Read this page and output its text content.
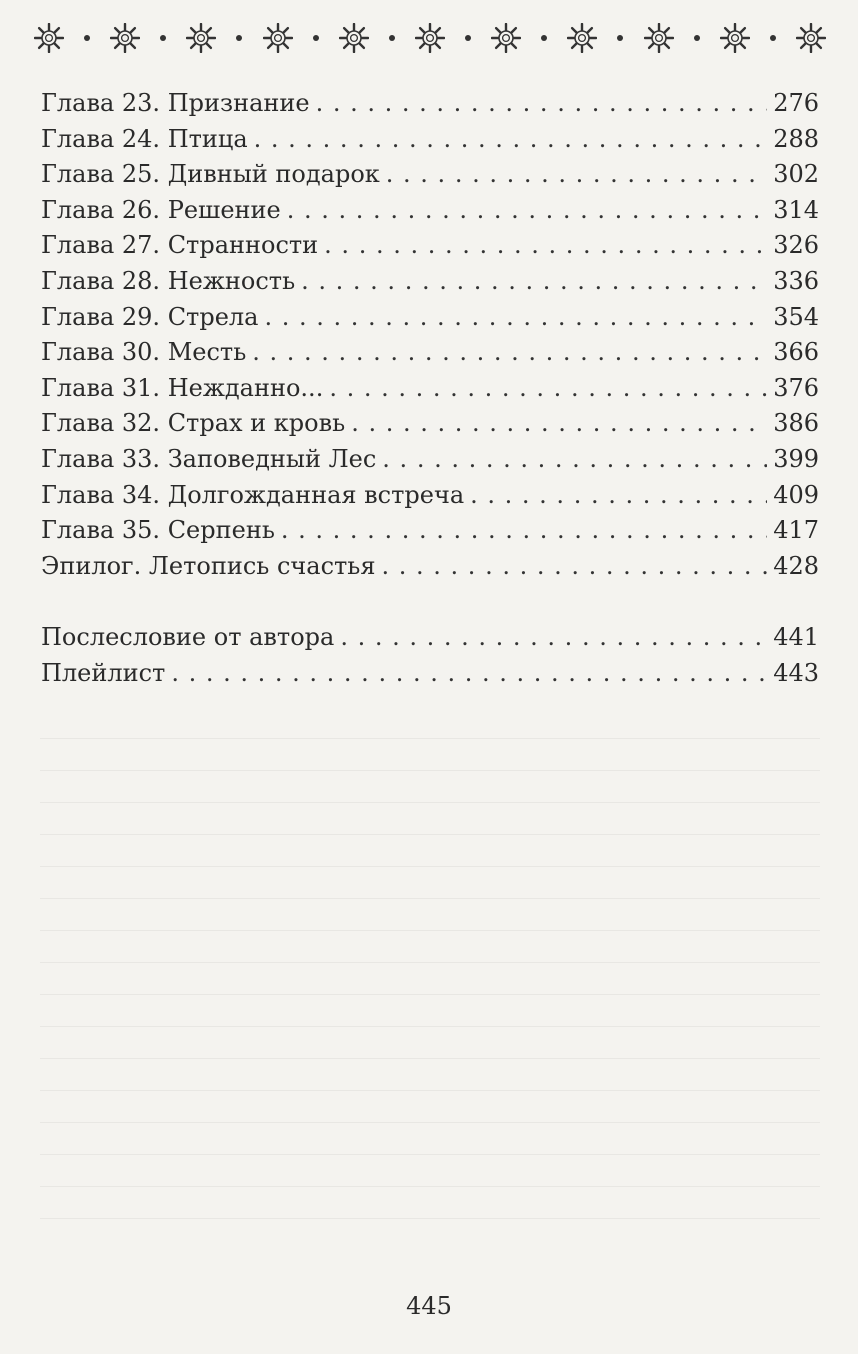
Глава 23. Признание . . .	276
Глава 24. Птица . . .	288
Глава 25. Дивный подарок . . .	302
Глава 26. Решение . . .	314
Глава 27. Странности . . .	326
Глава 28. Нежность . . .	336
Глава 29. Стрела . . .	354
Глава 30. Месть . . .	366
Глава 31. Нежданно... . . .	376
Глава 32. Страх и кровь . . .	386
Глава 33. Заповедный Лес . . .	399
Глава 34. Долгожданная встреча . . .	409
Глава 35. Серпень . . .	417
Эпилог. Летопись счастья . . .	428
Послесловие от автора . . .	441
Плейлист . . .	443
445
